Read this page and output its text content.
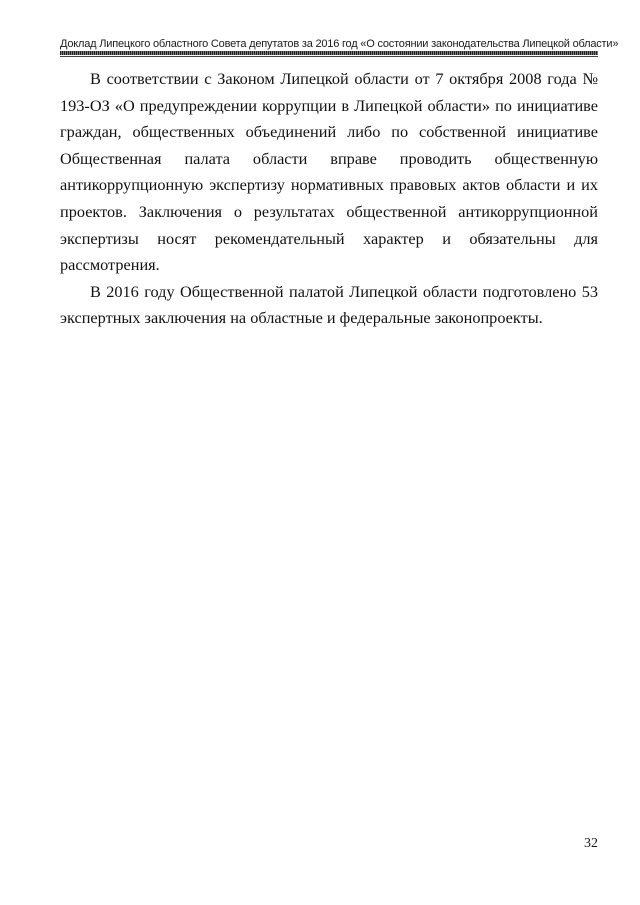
Доклад Липецкого областного Совета депутатов за 2016 год «О состоянии законодательства Липецкой области»

В соответствии с Законом Липецкой области от 7 октября 2008 года № 193-ОЗ «О предупреждении коррупции в Липецкой области» по инициативе граждан, общественных объединений либо по собственной инициативе Общественная палата области вправе проводить общественную антикоррупционную экспертизу нормативных правовых актов области и их проектов. Заключения о результатах общественной антикоррупционной экспертизы носят рекомендательный характер и обязательны для рассмотрения.

В 2016 году Общественной палатой Липецкой области подготовлено 53 экспертных заключения на областные и федеральные законопроекты.

32
